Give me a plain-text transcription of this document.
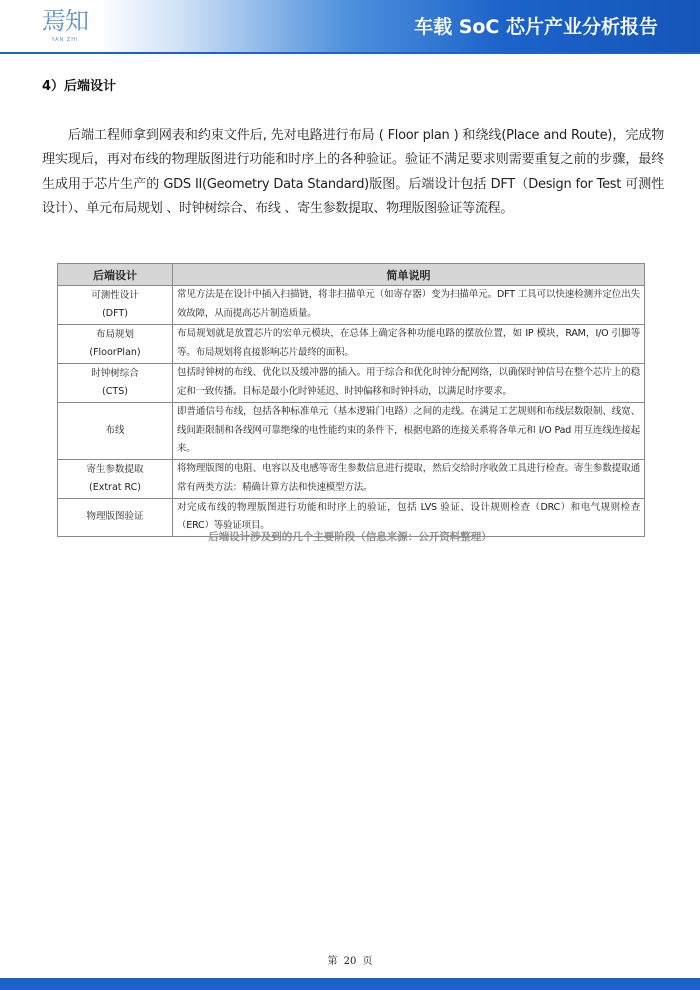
焉知
YAN ZHI
车载 SoC 芯片产业分析报告
4）后端设计

后端工程师拿到网表和约束文件后, 先对电路进行布局 ( Floor plan ) 和绕线(Place and Route)，完成物理实现后，再对布线的物理版图进行功能和时序上的各种验证。验证不满足要求则需要重复之前的步骤，最终生成用于芯片生产的 GDS II(Geometry Data Standard)版图。后端设计包括 DFT（Design for Test 可测性设计）、单元布局规划 、时钟树综合、布线 、寄生参数提取、物理版图验证等流程。

后端设计	简单说明

可测性设计
(DFT)	常见方法是在设计中插入扫描链，将非扫描单元（如寄存器）变为扫描单元。DFT 工具可以快速检测并定位出失效故障，从而提高芯片制造质量。

布局规划
(FloorPlan)	布局规划就是放置芯片的宏单元模块，在总体上确定各种功能电路的摆放位置，如 IP 模块，RAM，I/O 引脚等等。布局规划将直接影响芯片最终的面积。

时钟树综合
(CTS)	包括时钟树的布线、优化以及缓冲器的插入。用于综合和优化时钟分配网络，以确保时钟信号在整个芯片上的稳定和一致传播。目标是最小化时钟延迟、时钟偏移和时钟抖动，以满足时序要求。

布线	即普通信号布线，包括各种标准单元（基本逻辑门电路）之间的走线。在满足工艺规则和布线层数限制、线宽、线间距限制和各线网可靠绝缘的电性能约束的条件下，根据电路的连接关系将各单元和 I/O Pad 用互连线连接起来。

寄生参数提取
(Extrat RC)	将物理版图的电阻、电容以及电感等寄生参数信息进行提取，然后交给时序收敛工具进行检查。寄生参数提取通常有两类方法：精确计算方法和快速模型方法。

物理版图验证	对完成布线的物理版图进行功能和时序上的验证，包括 LVS 验证、设计规则检查（DRC）和电气规则检查（ERC）等验证项目。
后端设计涉及到的几个主要阶段（信息来源：公开资料整理）
第 20 页
